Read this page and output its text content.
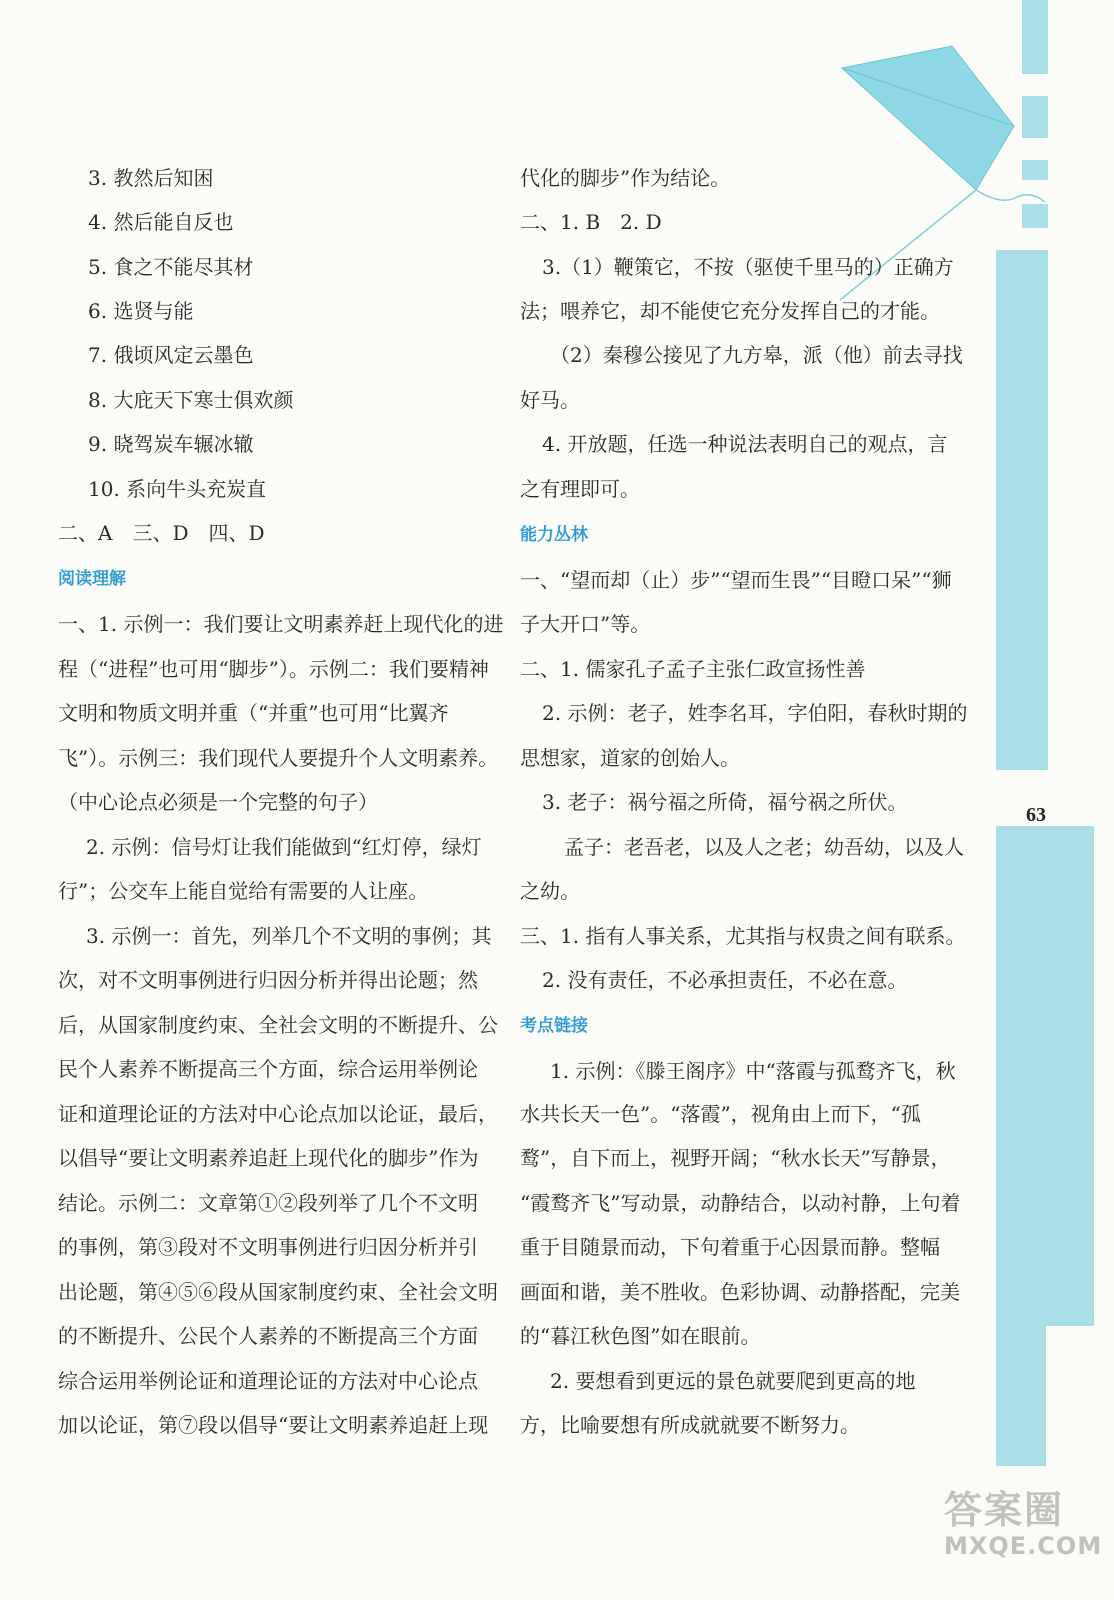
3. 教然后知困
4. 然后能自反也
5. 食之不能尽其材
6. 选贤与能
7. 俄顷风定云墨色
8. 大庇天下寒士俱欢颜
9. 晓驾炭车辗冰辙
10. 系向牛头充炭直
二、A　三、D　四、D
阅读理解
一、1. 示例一：我们要让文明素养赶上现代化的进
程（“进程”也可用“脚步”）。示例二：我们要精神
文明和物质文明并重（“并重”也可用“比翼齐
飞”）。示例三：我们现代人要提升个人文明素养。
（中心论点必须是一个完整的句子）
2. 示例：信号灯让我们能做到“红灯停，绿灯
行”；公交车上能自觉给有需要的人让座。
3. 示例一：首先，列举几个不文明的事例；其
次，对不文明事例进行归因分析并得出论题；然
后，从国家制度约束、全社会文明的不断提升、公
民个人素养不断提高三个方面，综合运用举例论
证和道理论证的方法对中心论点加以论证，最后，
以倡导“要让文明素养追赶上现代化的脚步”作为
结论。示例二：文章第①②段列举了几个不文明
的事例，第③段对不文明事例进行归因分析并引
出论题，第④⑤⑥段从国家制度约束、全社会文明
的不断提升、公民个人素养的不断提高三个方面
综合运用举例论证和道理论证的方法对中心论点
加以论证，第⑦段以倡导“要让文明素养追赶上现
代化的脚步”作为结论。
二、1. B　2. D
3.（1）鞭策它，不按（驱使千里马的）正确方
法；喂养它，却不能使它充分发挥自己的才能。
（2）秦穆公接见了九方皋，派（他）前去寻找
好马。
4. 开放题，任选一种说法表明自己的观点，言
之有理即可。
能力丛林
一、“望而却（止）步”“望而生畏”“目瞪口呆”“狮
子大开口”等。
二、1. 儒家孔子孟子主张仁政宣扬性善
2. 示例：老子，姓李名耳，字伯阳，春秋时期的
思想家，道家的创始人。
3. 老子：祸兮福之所倚，福兮祸之所伏。
孟子：老吾老，以及人之老；幼吾幼，以及人
之幼。
三、1. 指有人事关系，尤其指与权贵之间有联系。
2. 没有责任，不必承担责任，不必在意。
考点链接
1. 示例：《滕王阁序》中“落霞与孤鹜齐飞，秋
水共长天一色”。“落霞”，视角由上而下，“孤
鹜”，自下而上，视野开阔；“秋水长天”写静景，
“霞鹜齐飞”写动景，动静结合，以动衬静，上句着
重于目随景而动，下句着重于心因景而静。整幅
画面和谐，美不胜收。色彩协调、动静搭配，完美
的“暮江秋色图”如在眼前。
2. 要想看到更远的景色就要爬到更高的地
方，比喻要想有所成就就要不断努力。
63
答案圈
MXQE.COM
